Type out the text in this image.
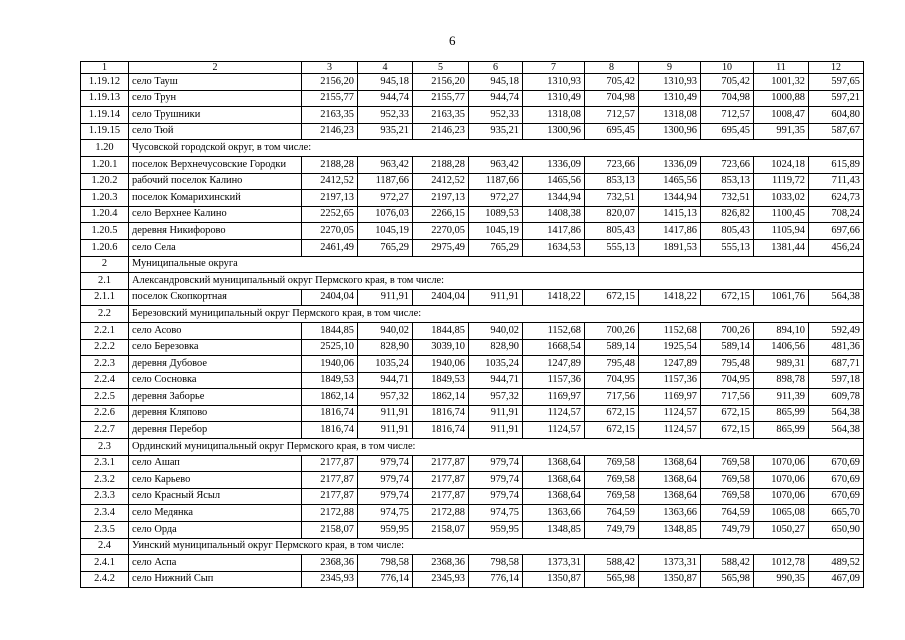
6
1	2	3	4	5	6	7	8	9	10	11	12
1.19.12	село Тауш	2156,20	945,18	2156,20	945,18	1310,93	705,42	1310,93	705,42	1001,32	597,65
1.19.13	село Трун	2155,77	944,74	2155,77	944,74	1310,49	704,98	1310,49	704,98	1000,88	597,21
1.19.14	село Трушники	2163,35	952,33	2163,35	952,33	1318,08	712,57	1318,08	712,57	1008,47	604,80
1.19.15	село Тюй	2146,23	935,21	2146,23	935,21	1300,96	695,45	1300,96	695,45	991,35	587,67
1.20	Чусовской городской округ, в том числе:										
1.20.1	поселок Верхнечусовские Городки	2188,28	963,42	2188,28	963,42	1336,09	723,66	1336,09	723,66	1024,18	615,89
1.20.2	рабочий поселок Калино	2412,52	1187,66	2412,52	1187,66	1465,56	853,13	1465,56	853,13	1119,72	711,43
1.20.3	поселок Комарихинский	2197,13	972,27	2197,13	972,27	1344,94	732,51	1344,94	732,51	1033,02	624,73
1.20.4	село Верхнее Калино	2252,65	1076,03	2266,15	1089,53	1408,38	820,07	1415,13	826,82	1100,45	708,24
1.20.5	деревня Никифорово	2270,05	1045,19	2270,05	1045,19	1417,86	805,43	1417,86	805,43	1105,94	697,66
1.20.6	село Села	2461,49	765,29	2975,49	765,29	1634,53	555,13	1891,53	555,13	1381,44	456,24
2	Муниципальные округа										
2.1	Александровский муниципальный округ Пермского края, в том числе:										
2.1.1	поселок Скопкортная	2404,04	911,91	2404,04	911,91	1418,22	672,15	1418,22	672,15	1061,76	564,38
2.2	Березовский муниципальный округ Пермского края, в том числе:										
2.2.1	село Асово	1844,85	940,02	1844,85	940,02	1152,68	700,26	1152,68	700,26	894,10	592,49
2.2.2	село Березовка	2525,10	828,90	3039,10	828,90	1668,54	589,14	1925,54	589,14	1406,56	481,36
2.2.3	деревня Дубовое	1940,06	1035,24	1940,06	1035,24	1247,89	795,48	1247,89	795,48	989,31	687,71
2.2.4	село Сосновка	1849,53	944,71	1849,53	944,71	1157,36	704,95	1157,36	704,95	898,78	597,18
2.2.5	деревня Заборье	1862,14	957,32	1862,14	957,32	1169,97	717,56	1169,97	717,56	911,39	609,78
2.2.6	деревня Кляпово	1816,74	911,91	1816,74	911,91	1124,57	672,15	1124,57	672,15	865,99	564,38
2.2.7	деревня Перебор	1816,74	911,91	1816,74	911,91	1124,57	672,15	1124,57	672,15	865,99	564,38
2.3	Ординский муниципальный округ Пермского края, в том числе:										
2.3.1	село Ашап	2177,87	979,74	2177,87	979,74	1368,64	769,58	1368,64	769,58	1070,06	670,69
2.3.2	село Карьево	2177,87	979,74	2177,87	979,74	1368,64	769,58	1368,64	769,58	1070,06	670,69
2.3.3	село Красный Ясыл	2177,87	979,74	2177,87	979,74	1368,64	769,58	1368,64	769,58	1070,06	670,69
2.3.4	село Медянка	2172,88	974,75	2172,88	974,75	1363,66	764,59	1363,66	764,59	1065,08	665,70
2.3.5	село Орда	2158,07	959,95	2158,07	959,95	1348,85	749,79	1348,85	749,79	1050,27	650,90
2.4	Уинский муниципальный округ Пермского края, в том числе:										
2.4.1	село Аспа	2368,36	798,58	2368,36	798,58	1373,31	588,42	1373,31	588,42	1012,78	489,52
2.4.2	село Нижний Сып	2345,93	776,14	2345,93	776,14	1350,87	565,98	1350,87	565,98	990,35	467,09
